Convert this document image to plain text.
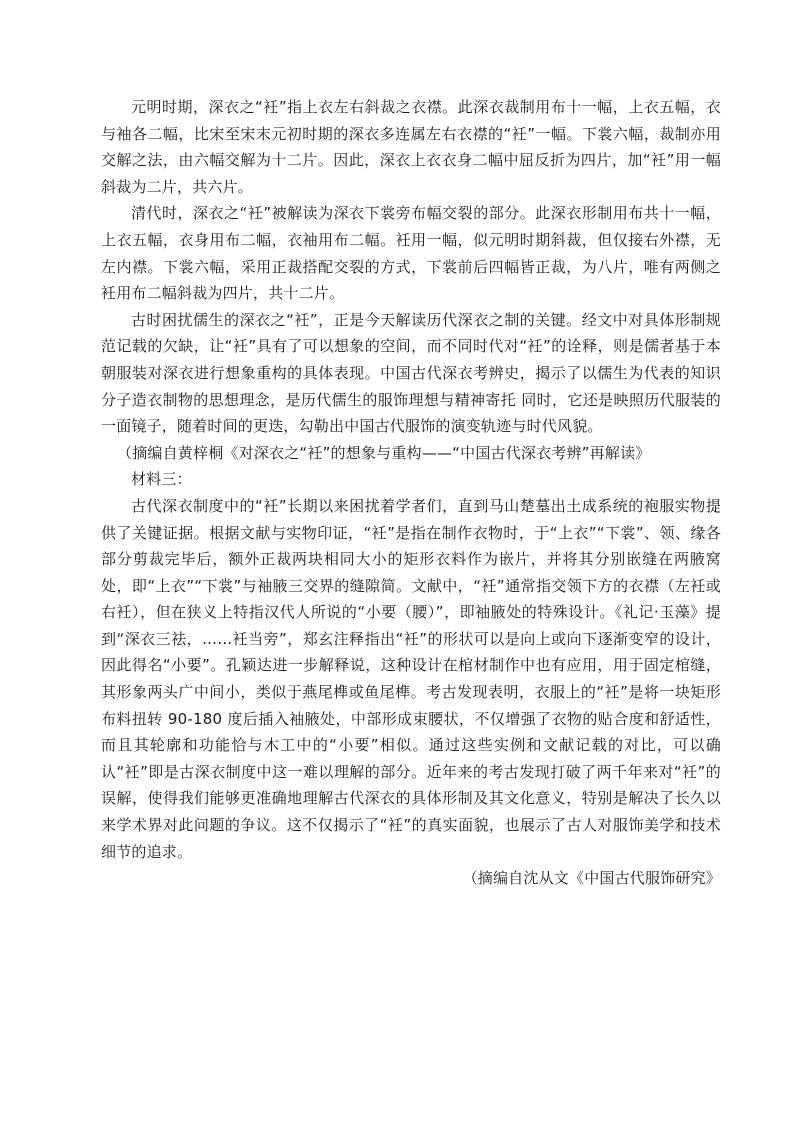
元明时期，深衣之“衽”指上衣左右斜裁之衣襟。此深衣裁制用布十一幅，上衣五幅，衣与袖各二幅，比宋至宋末元初时期的深衣多连属左右衣襟的“衽”一幅。下裳六幅，裁制亦用交解之法，由六幅交解为十二片。因此，深衣上衣衣身二幅中屈反折为四片，加“衽”用一幅斜裁为二片，共六片。

清代时，深衣之“衽”被解读为深衣下裳旁布幅交裂的部分。此深衣形制用布共十一幅，上衣五幅，衣身用布二幅，衣袖用布二幅。衽用一幅，似元明时期斜裁，但仅接右外襟，无左内襟。下裳六幅，采用正裁搭配交裂的方式，下裳前后四幅皆正裁，为八片，唯有两侧之衽用布二幅斜裁为四片，共十二片。

古时困扰儒生的深衣之“衽”，正是今天解读历代深衣之制的关键。经文中对具体形制规范记载的欠缺，让“衽”具有了可以想象的空间，而不同时代对“衽”的诠释，则是儒者基于本朝服装对深衣进行想象重构的具体表现。中国古代深衣考辨史，揭示了以儒生为代表的知识分子造衣制物的思想理念，是历代儒生的服饰理想与精神寄托 同时，它还是映照历代服装的一面镜子，随着时间的更迭，勾勒出中国古代服饰的演变轨迹与时代风貌。

（摘编自黄梓桐《对深衣之“衽”的想象与重构——“中国古代深衣考辨”再解读》

材料三：

古代深衣制度中的“衽”长期以来困扰着学者们，直到马山楚墓出土成系统的袍服实物提供了关键证据。根据文献与实物印证，“衽”是指在制作衣物时，于“上衣”“下裳”、领、缘各部分剪裁完毕后，额外正裁两块相同大小的矩形衣料作为嵌片，并将其分别嵌缝在两腋窝处，即“上衣”“下裳”与袖腋三交界的缝隙简。文献中，“衽”通常指交领下方的衣襟（左衽或右衽），但在狭义上特指汉代人所说的“小要（腰）”，即袖腋处的特殊设计。《礼记·玉藻》提到“深衣三祛，……衽当旁”，郑玄注释指出“衽”的形状可以是向上或向下逐渐变窄的设计，因此得名“小要”。孔颖达进一步解释说，这种设计在棺材制作中也有应用，用于固定棺缝，其形象两头广中间小，类似于燕尾榫或鱼尾榫。考古发现表明，衣服上的“衽”是将一块矩形布料扭转 90-180 度后插入袖腋处，中部形成束腰状，不仅增强了衣物的贴合度和舒适性，而且其轮廓和功能恰与木工中的“小要”相似。通过这些实例和文献记载的对比，可以确认“衽”即是古深衣制度中这一难以理解的部分。近年来的考古发现打破了两千年来对“衽”的误解，使得我们能够更准确地理解古代深衣的具体形制及其文化意义，特别是解决了长久以来学术界对此问题的争议。这不仅揭示了“衽”的真实面貌，也展示了古人对服饰美学和技术细节的追求。

（摘编自沈从文《中国古代服饰研究》
